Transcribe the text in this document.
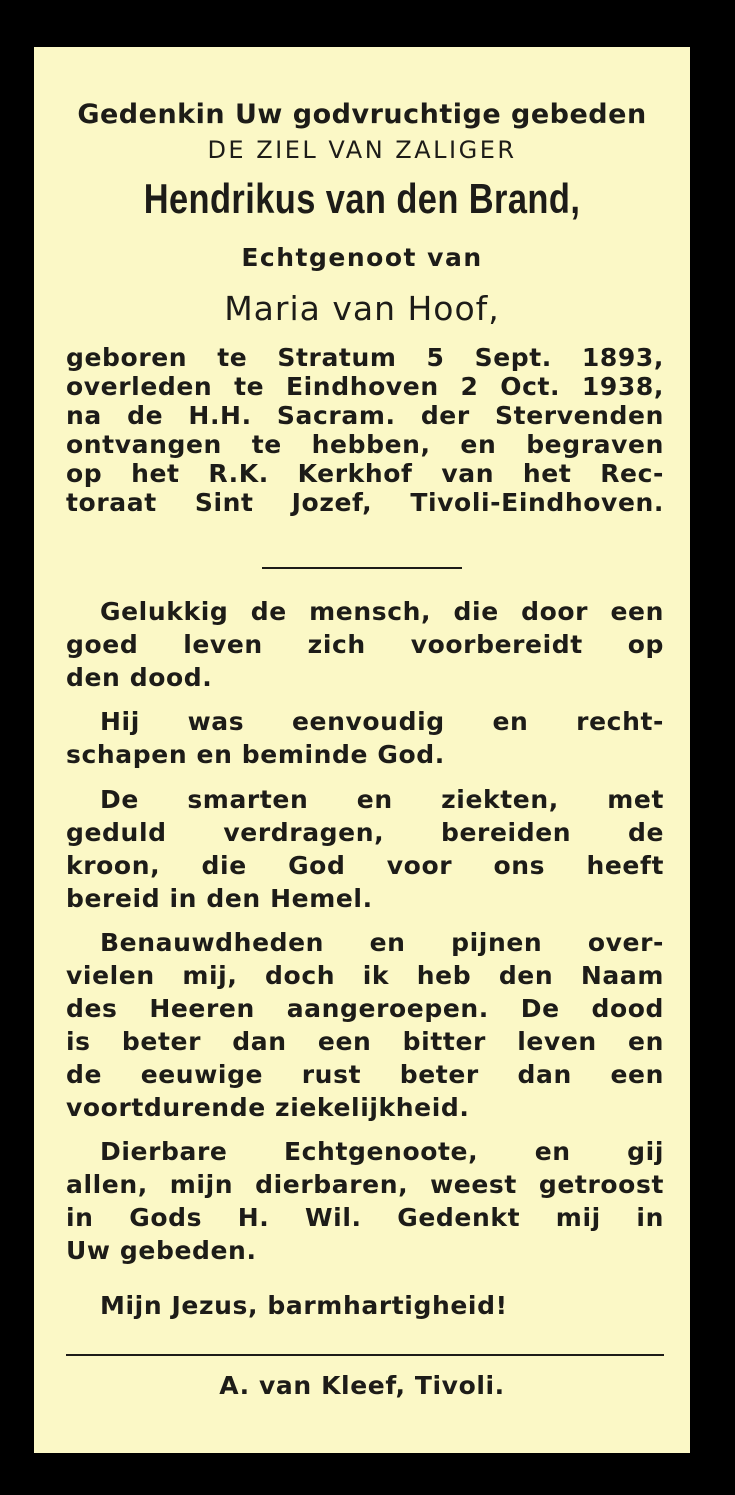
Gedenkin Uw godvruchtige gebeden
DE ZIEL VAN ZALIGER
Hendrikus van den Brand,
Echtgenoot van
Maria van Hoof,
geboren te Stratum 5 Sept. 1893,
overleden te Eindhoven 2 Oct. 1938,
na de H.H. Sacram. der Stervenden
ontvangen te hebben, en begraven
op het R.K. Kerkhof van het Rec-
toraat Sint Jozef, Tivoli-Eindhoven.
Gelukkig de mensch, die door een
goed leven zich voorbereidt op
den dood.
Hij was eenvoudig en recht-
schapen en beminde God.
De smarten en ziekten, met
geduld verdragen, bereiden de
kroon, die God voor ons heeft
bereid in den Hemel.
Benauwdheden en pijnen over-
vielen mij, doch ik heb den Naam
des Heeren aangeroepen. De dood
is beter dan een bitter leven en
de eeuwige rust beter dan een
voortdurende ziekelijkheid.
Dierbare Echtgenoote, en gij
allen, mijn dierbaren, weest getroost
in Gods H. Wil. Gedenkt mij in
Uw gebeden.
Mijn Jezus, barmhartigheid!
A. van Kleef, Tivoli.
